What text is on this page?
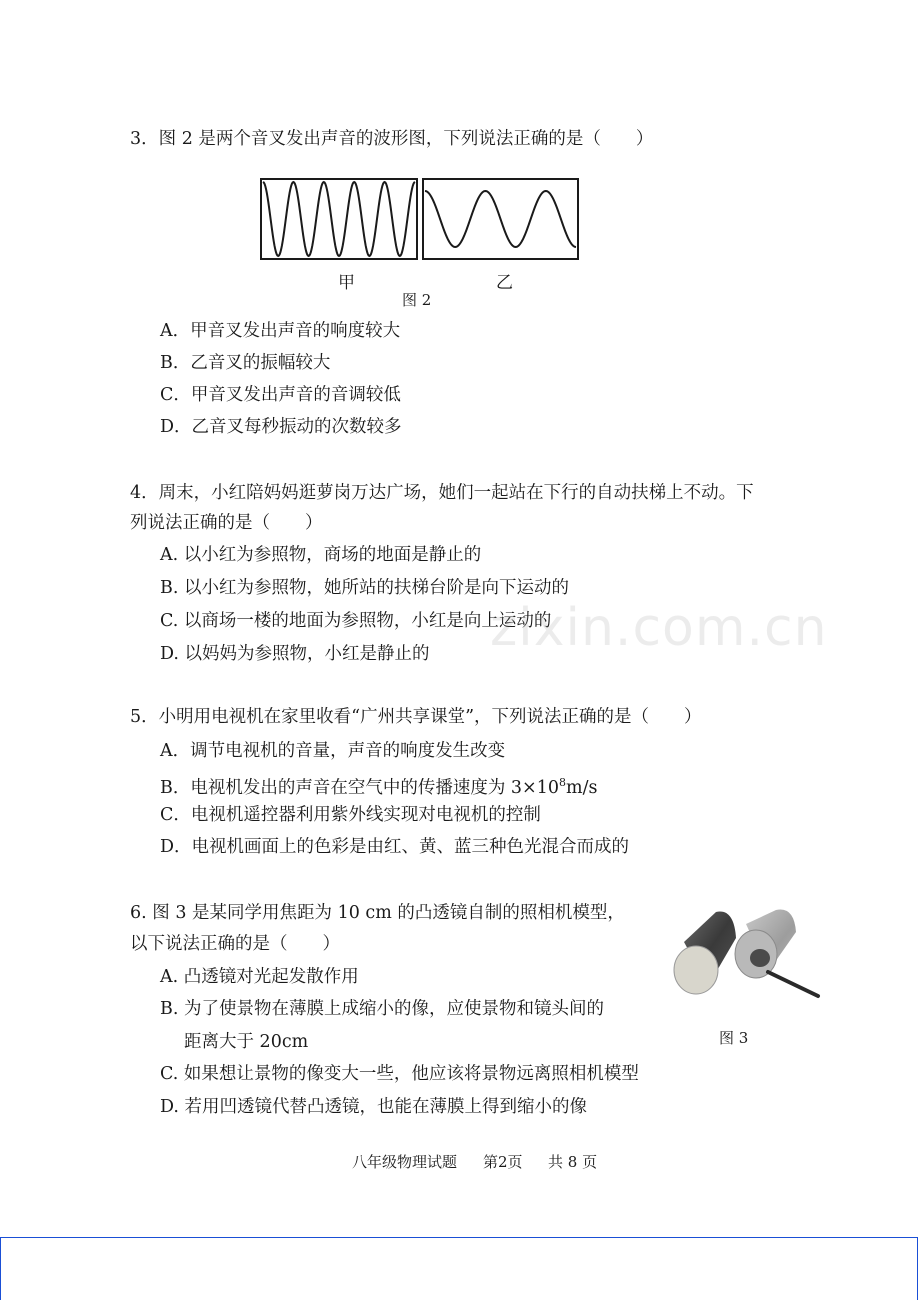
3．图 2 是两个音叉发出声音的波形图，下列说法正确的是（　　）
甲	乙
图 2
A．甲音叉发出声音的响度较大
B．乙音叉的振幅较大
C．甲音叉发出声音的音调较低
D．乙音叉每秒振动的次数较多
4．周末，小红陪妈妈逛萝岗万达广场，她们一起站在下行的自动扶梯上不动。下
列说法正确的是（　　）
A. 以小红为参照物，商场的地面是静止的
B. 以小红为参照物，她所站的扶梯台阶是向下运动的
C. 以商场一楼的地面为参照物，小红是向上运动的
D. 以妈妈为参照物，小红是静止的 zixin.com.cn
5．小明用电视机在家里收看“广州共享课堂”，下列说法正确的是（　　）
A．调节电视机的音量，声音的响度发生改变
B．电视机发出的声音在空气中的传播速度为 $3\times 10^8m/s$
C．电视机遥控器利用紫外线实现对电视机的控制
D．电视机画面上的色彩是由红、黄、蓝三种色光混合而成的
6. 图 3 是某同学用焦距为 10 cm 的凸透镜自制的照相机模型，
以下说法正确的是（　　）
A. 凸透镜对光起发散作用
B. 为了使景物在薄膜上成缩小的像，应使景物和镜头间的
距离大于 20cm
C. 如果想让景物的像变大一些，他应该将景物远离照相机模型
D. 若用凹透镜代替凸透镜，也能在薄膜上得到缩小的像
图 3
八年级物理试题 第2页 共 8 页
